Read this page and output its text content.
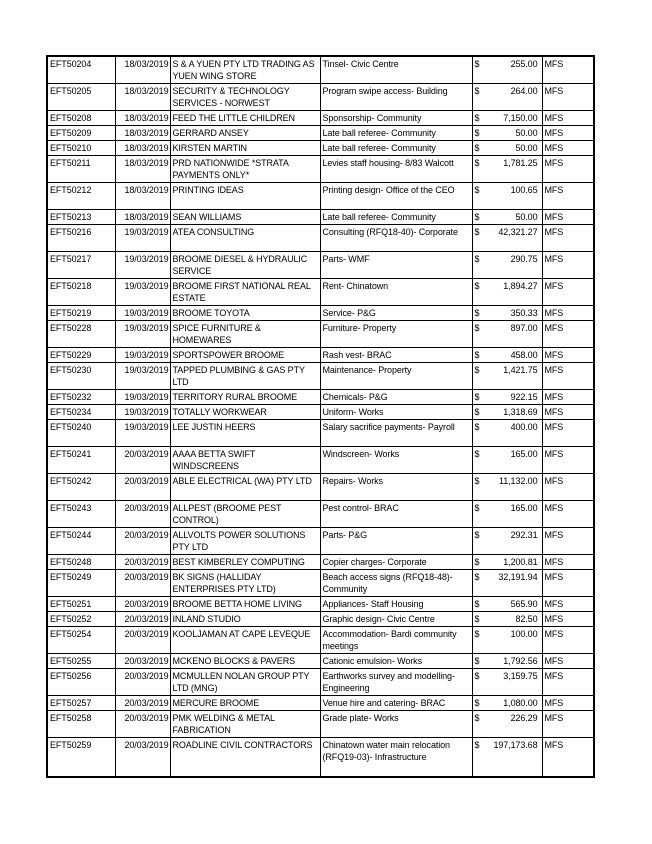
EFT50204	18/03/2019	S & A YUEN PTY LTD TRADING AS YUEN WING STORE	Tinsel- Civic Centre	$ 255.00	MFS

EFT50205	18/03/2019	SECURITY & TECHNOLOGY SERVICES - NORWEST	Program swipe access- Building	$ 264.00	MFS

EFT50208	18/03/2019	FEED THE LITTLE CHILDREN	Sponsorship- Community	$ 7,150.00	MFS

EFT50209	18/03/2019	GERRARD ANSEY	Late ball referee- Community	$ 50.00	MFS

EFT50210	18/03/2019	KIRSTEN MARTIN	Late ball referee- Community	$ 50.00	MFS

EFT50211	18/03/2019	PRD NATIONWIDE *STRATA PAYMENTS ONLY*	Levies staff housing- 8/83 Walcott	$ 1,781.25	MFS

EFT50212	18/03/2019	PRINTING IDEAS	Printing design- Office of the CEO	$ 100.65	MFS

EFT50213	18/03/2019	SEAN WILLIAMS	Late ball referee- Community	$ 50.00	MFS

EFT50216	19/03/2019	ATEA CONSULTING	Consulting (RFQ18-40)- Corporate	$ 42,321.27	MFS

EFT50217	19/03/2019	BROOME DIESEL & HYDRAULIC SERVICE	Parts- WMF	$ 290.75	MFS

EFT50218	19/03/2019	BROOME FIRST NATIONAL REAL ESTATE	Rent- Chinatown	$ 1,894.27	MFS

EFT50219	19/03/2019	BROOME TOYOTA	Service- P&G	$ 350.33	MFS

EFT50228	19/03/2019	SPICE FURNITURE & HOMEWARES	Furniture- Property	$ 897.00	MFS

EFT50229	19/03/2019	SPORTSPOWER BROOME	Rash vest- BRAC	$ 458.00	MFS

EFT50230	19/03/2019	TAPPED PLUMBING & GAS PTY LTD	Maintenance- Property	$ 1,421.75	MFS

EFT50232	19/03/2019	TERRITORY RURAL BROOME	Chemicals- P&G	$ 922.15	MFS

EFT50234	19/03/2019	TOTALLY WORKWEAR	Uniform- Works	$ 1,318.69	MFS

EFT50240	19/03/2019	LEE JUSTIN HEERS	Salary sacrifice payments- Payroll	$ 400.00	MFS

EFT50241	20/03/2019	AAAA BETTA SWIFT WINDSCREENS	Windscreen- Works	$ 165.00	MFS

EFT50242	20/03/2019	ABLE ELECTRICAL (WA) PTY LTD	Repairs- Works	$ 11,132.00	MFS

EFT50243	20/03/2019	ALLPEST (BROOME PEST CONTROL)	Pest control- BRAC	$ 165.00	MFS

EFT50244	20/03/2019	ALLVOLTS POWER SOLUTIONS PTY LTD	Parts- P&G	$ 292.31	MFS

EFT50248	20/03/2019	BEST KIMBERLEY COMPUTING	Copier charges- Corporate	$ 1,200.81	MFS

EFT50249	20/03/2019	BK SIGNS (HALLIDAY ENTERPRISES PTY LTD)	Beach access signs (RFQ18-48)- Community	$ 32,191.94	MFS

EFT50251	20/03/2019	BROOME BETTA HOME LIVING	Appliances- Staff Housing	$ 565.90	MFS

EFT50252	20/03/2019	INLAND STUDIO	Graphic design- Civic Centre	$ 82.50	MFS

EFT50254	20/03/2019	KOOLJAMAN AT CAPE LEVEQUE	Accommodation- Bardi community meetings	$ 100.00	MFS

EFT50255	20/03/2019	MCKENO BLOCKS & PAVERS	Cationic emulsion- Works	$ 1,792.56	MFS

EFT50256	20/03/2019	MCMULLEN NOLAN GROUP PTY LTD (MNG)	Earthworks survey and modelling- Engineering	$ 3,159.75	MFS

EFT50257	20/03/2019	MERCURE BROOME	Venue hire and catering- BRAC	$ 1,080.00	MFS

EFT50258	20/03/2019	PMK WELDING & METAL FABRICATION	Grade plate- Works	$ 226.29	MFS

EFT50259	20/03/2019	ROADLINE CIVIL CONTRACTORS	Chinatown water main relocation (RFQ19-03)- Infrastructure	$ 197,173.68	MFS
